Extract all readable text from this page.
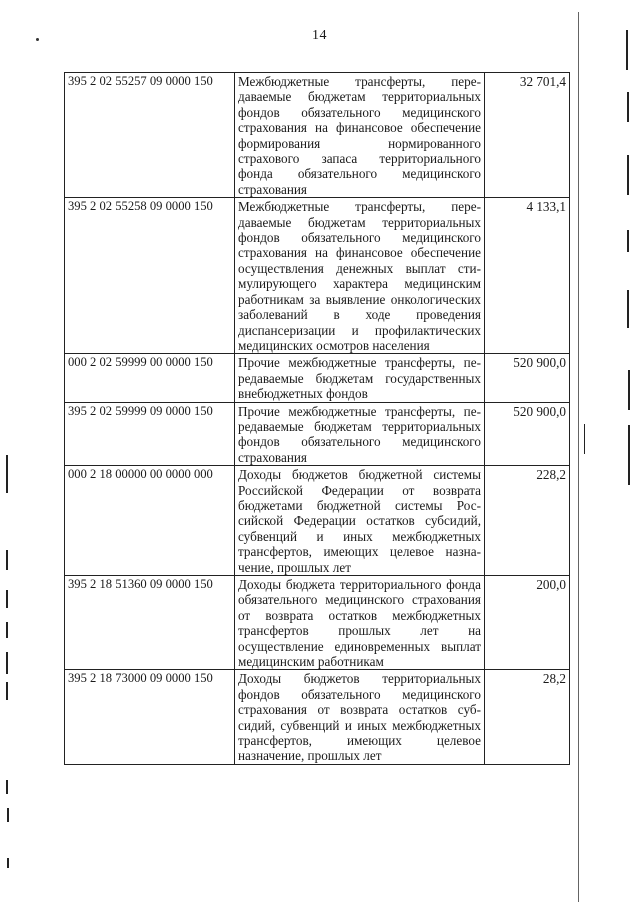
14
395 2 02 55257 09 0000 150	Межбюджетные трансферты, передаваемые бюджетам территориальных фондов обязательного медицинского страхования на финансовое обеспечение формирования нормированного страхового запаса территориального фонда обязательного медицинского страхования	32 701,4
395 2 02 55258 09 0000 150	Межбюджетные трансферты, передаваемые бюджетам территориальных фондов обязательного медицинского страхования на финансовое обеспечение осуществления денежных выплат стимулирующего характера медицинским работникам за выявление онкологических заболеваний в ходе проведения диспансеризации и профилактических медицинских осмотров населения	4 133,1
000 2 02 59999 00 0000 150	Прочие межбюджетные трансферты, передаваемые бюджетам государственных внебюджетных фондов	520 900,0
395 2 02 59999 09 0000 150	Прочие межбюджетные трансферты, передаваемые бюджетам территориальных фондов обязательного медицинского страхования	520 900,0
000 2 18 00000 00 0000 000	Доходы бюджетов бюджетной системы Российской Федерации от возврата бюджетами бюджетной системы Российской Федерации остатков субсидий, субвенций и иных межбюджетных трансфертов, имеющих целевое назначение, прошлых лет	228,2
395 2 18 51360 09 0000 150	Доходы бюджета территориального фонда обязательного медицинского страхования от возврата остатков межбюджетных трансфертов прошлых лет на осуществление единовременных выплат медицинским работникам	200,0
395 2 18 73000 09 0000 150	Доходы бюджетов территориальных фондов обязательного медицинского страхования от возврата остатков субсидий, субвенций и иных межбюджетных трансфертов, имеющих целевое назначение, прошлых лет	28,2
